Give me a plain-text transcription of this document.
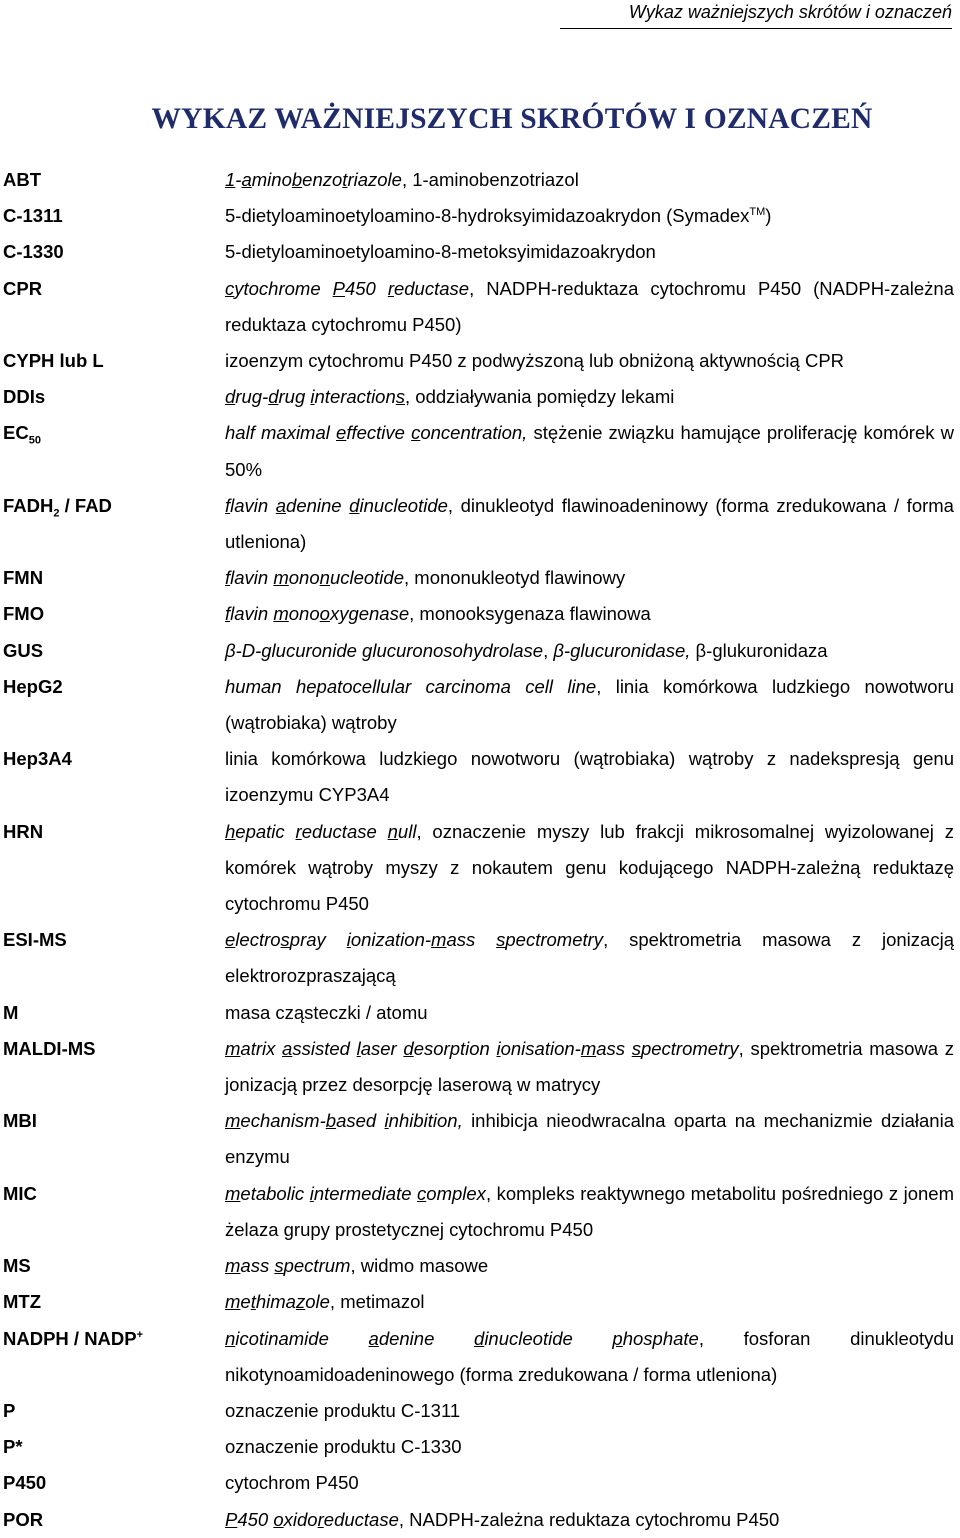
Wykaz ważniejszych skrótów i oznaczeń
WYKAZ WAŻNIEJSZYCH SKRÓTÓW I OZNACZEŃ
ABT	1-aminobenzotriazole, 1-aminobenzotriazol
C-1311	5-dietyloaminoetyloamino-8-hydroksyimidazoakrydon (Symadex™)
C-1330	5-dietyloaminoetyloamino-8-metoksyimidazoakrydon
CPR	cytochrome P450 reductase, NADPH-reduktaza cytochromu P450 (NADPH-zależna reduktaza cytochromu P450)
CYPH lub L	izoenzym cytochromu P450 z podwyższoną lub obniżoną aktywnością CPR
DDIs	drug-drug interactions, oddziaływania pomiędzy lekami
$EC_{50}$	half maximal effective concentration, stężenie związku hamujące proliferację komórek w 50%
$FADH_2$ / FAD	flavin adenine dinucleotide, dinukleotyd flawinoadeninowy (forma zredukowana / forma utleniona)
FMN	flavin mononucleotide, mononukleotyd flawinowy
FMO	flavin monooxygenase, monooksygenaza flawinowa
GUS	β-D-glucuronide glucuronosohydrolase, β-glucuronidase, β-glukuronidaza
HepG2	human hepatocellular carcinoma cell line, linia komórkowa ludzkiego nowotworu (wątrobiaka) wątroby
Hep3A4	linia komórkowa ludzkiego nowotworu (wątrobiaka) wątroby z nadekspresją genu izoenzymu CYP3A4
HRN	hepatic reductase null, oznaczenie myszy lub frakcji mikrosomalnej wyizolowanej z komórek wątroby myszy z nokautem genu kodującego NADPH-zależną reduktazę cytochromu P450
ESI-MS	electrospray ionization-mass spectrometry, spektrometria masowa z jonizacją elektrorozpraszającą
M	masa cząsteczki / atomu
MALDI-MS	matrix assisted laser desorption ionisation-mass spectrometry, spektrometria masowa z jonizacją przez desorpcję laserową w matrycy
MBI	mechanism-based inhibition, inhibicja nieodwracalna oparta na mechanizmie działania enzymu
MIC	metabolic intermediate complex, kompleks reaktywnego metabolitu pośredniego z jonem żelaza grupy prostetycznej cytochromu P450
MS	mass spectrum, widmo masowe
MTZ	methimazole, metimazol
NADPH / NADP+	nicotinamide adenine dinucleotide phosphate, fosforan dinukleotydu nikotynoamidoadeninowego (forma zredukowana / forma utleniona)
P	oznaczenie produktu C-1311
P*	oznaczenie produktu C-1330
P450	cytochrom P450
POR	P450 oxidoreductase, NADPH-zależna reduktaza cytochromu P450
